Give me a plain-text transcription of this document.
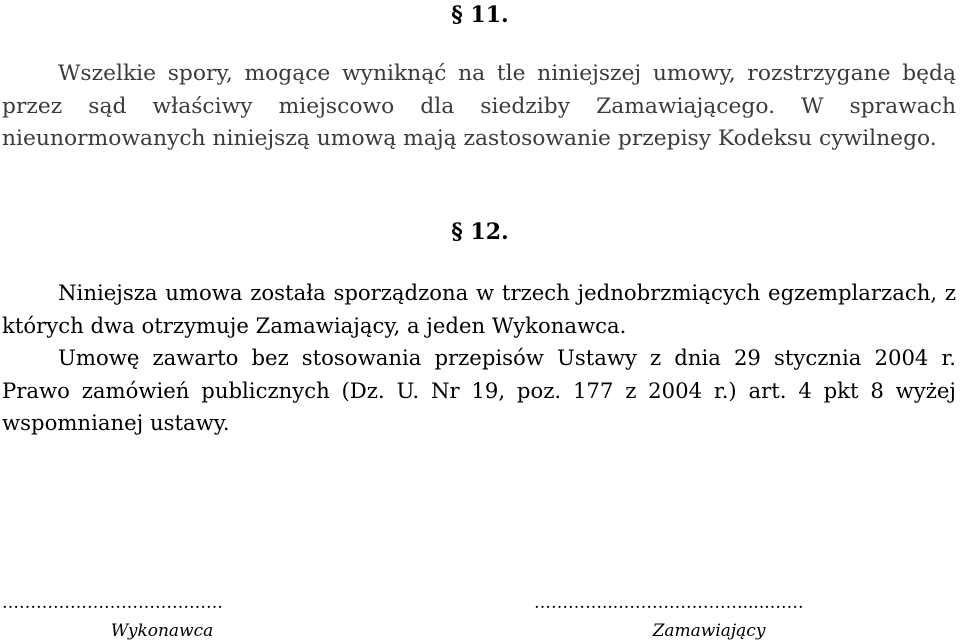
§ 11.

Wszelkie spory, mogące wyniknąć na tle niniejszej umowy, rozstrzygane będą przez sąd właściwy miejscowo dla siedziby Zamawiającego. W sprawach nieunormowanych niniejszą umową mają zastosowanie przepisy Kodeksu cywilnego.

§ 12.

Niniejsza umowa została sporządzona w trzech jednobrzmiących egzemplarzach, z których dwa otrzymuje Zamawiający, a jeden Wykonawca.

Umowę zawarto bez stosowania przepisów Ustawy z dnia 29 stycznia 2004 r. Prawo zamówień publicznych (Dz. U. Nr 19, poz. 177 z 2004 r.) art. 4 pkt 8 wyżej wspomnianej ustawy.

…………………………………
Wykonawca
…………....………………….....……
Zamawiający
